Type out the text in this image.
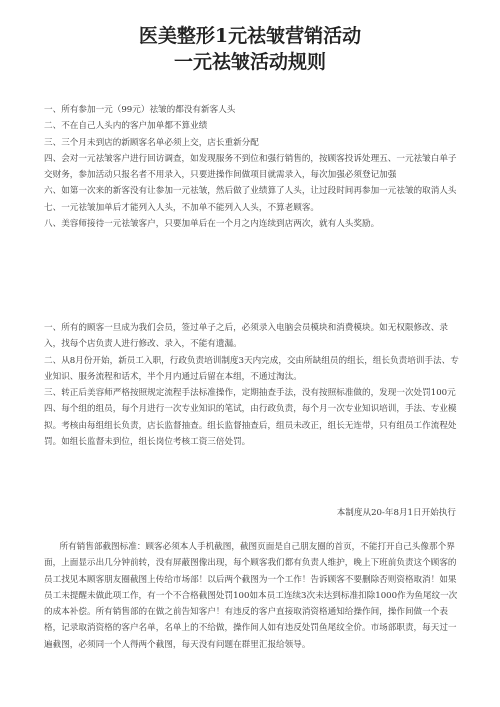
医美整形1元祛皱营销活动
一元祛皱活动规则

一、所有参加一元（99元）祛皱的都没有新客人头

二、不在自己人头内的客户加单都不算业绩

三、三个月未到店的新顾客名单必须上交，店长重新分配

四、会对一元祛皱客户进行回访调查，如发现服务不到位和强行销售的，按顾客投诉处理五、一元祛皱白单子交财务，参加活动只报名者不用录入，只要进操作间做项目就需录入，每次加强必须登记加强

六、如第一次来的新客没有让参加一元祛皱，然后做了业绩算了人头，让过段时间再参加一元祛皱的取消人头

七、一元祛皱加单后才能列入人头，不加单不能列入人头，不算老顾客。

八、美容师接待一元祛皱客户，只要加单后在一个月之内连续到店两次，就有人头奖励。

一、所有的顾客一旦成为我们会员，签过单子之后，必须录入电脑会员模块和消费模块。如无权限修改、录入，找每个店负责人进行修改、录入，不能有遗漏。

二、从8月份开始，新员工入职，行政负责培训制度3天内完成，交由所缺组员的组长，组长负责培训手法、专业知识、服务流程和话术，半个月内通过后留在本组，不通过淘汰。

三、转正后美容师严格按照规定流程手法标准操作，定期抽查手法，没有按照标准做的，发现一次处罚100元

四、每个组的组员，每个月进行一次专业知识的笔试，由行政负责，每个月一次专业知识培训，手法、专业模拟。考核由每组组长负责，店长监督抽查。组长监督抽查后，组员未改正，组长无连带，只有组员工作流程处罚。如组长监督未到位，组长岗位考核工资三倍处罚。

本制度从20-年8月1日开始执行

所有销售部截图标准：顾客必须本人手机截图，截图页面是自己朋友圈的首页，不能打开自己头像那个界面，上面显示出几分钟前转，没有屏蔽图像出现，每个顾客我们都有负责人维护，晚上下班前负责这个顾客的员工找见本顾客朋友圈截图上传给市场部！以后两个截图为一个工作！告诉顾客不要删除否则资格取消！如果员工未提醒未做此项工作，有一个不合格截图处罚100如本员工连续3次未达到标准扣除1000作为鱼尾纹一次的成本补偿。所有销售部的在做之前告知客户！有违反的客户直接取消资格通知给操作间，操作间做一个表格，记录取消资格的客户名单，名单上的不给做，操作间人如有违反处罚鱼尾纹全价。市场部职责，每天过一遍截图，必须同一个人得两个截图，每天没有问题在群里汇报给领导。
